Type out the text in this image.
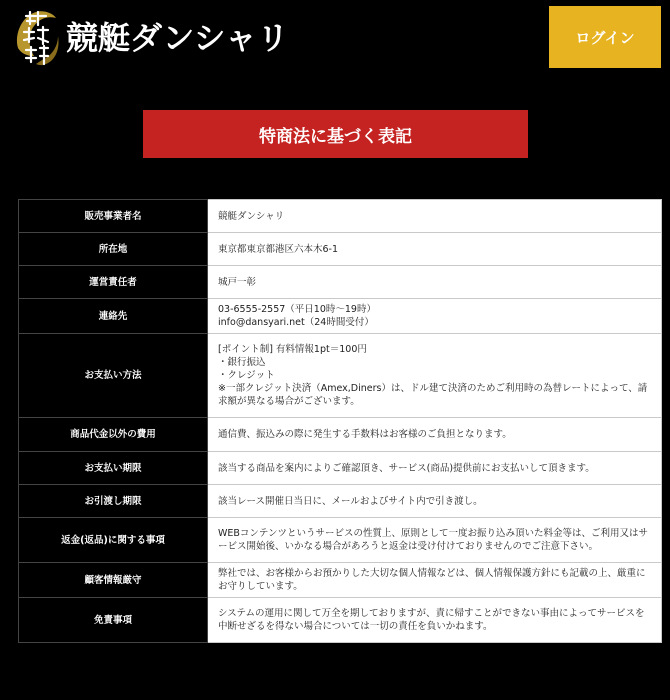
競艇ダンシャリ	ログイン
特商法に基づく表記
販売事業者名	競艇ダンシャリ

所在地	東京都東京都港区六本木6-1

運営責任者	城戸一彰

連絡先	03-6555-2557（平日10時〜19時）
info@dansyari.net（24時間受付）

お支払い方法	[ポイント制] 有料情報1pt＝100円
・銀行振込
・クレジット
※一部クレジット決済（Amex,Diners）は、ドル建て決済のためご利用時の為替レートによって、請求額が異なる場合がございます。

商品代金以外の費用	通信費、振込みの際に発生する手数料はお客様のご負担となります。

お支払い期限	該当する商品を案内によりご確認頂き、サービス(商品)提供前にお支払いして頂きます。

お引渡し期限	該当レース開催日当日に、メールおよびサイト内で引き渡し。

返金(返品)に関する事項	WEBコンテンツというサービスの性質上、原則として一度お振り込み頂いた料金等は、ご利用又はサービス開始後、いかなる場合があろうと返金は受け付けておりませんのでご注意下さい。

顧客情報厳守	弊社では、お客様からお預かりした大切な個人情報などは、個人情報保護方針にも記載の上、厳重にお守りしています。

免責事項	システムの運用に関して万全を期しておりますが、責に帰すことができない事由によってサービスを中断せざるを得ない場合については一切の責任を負いかねます。
